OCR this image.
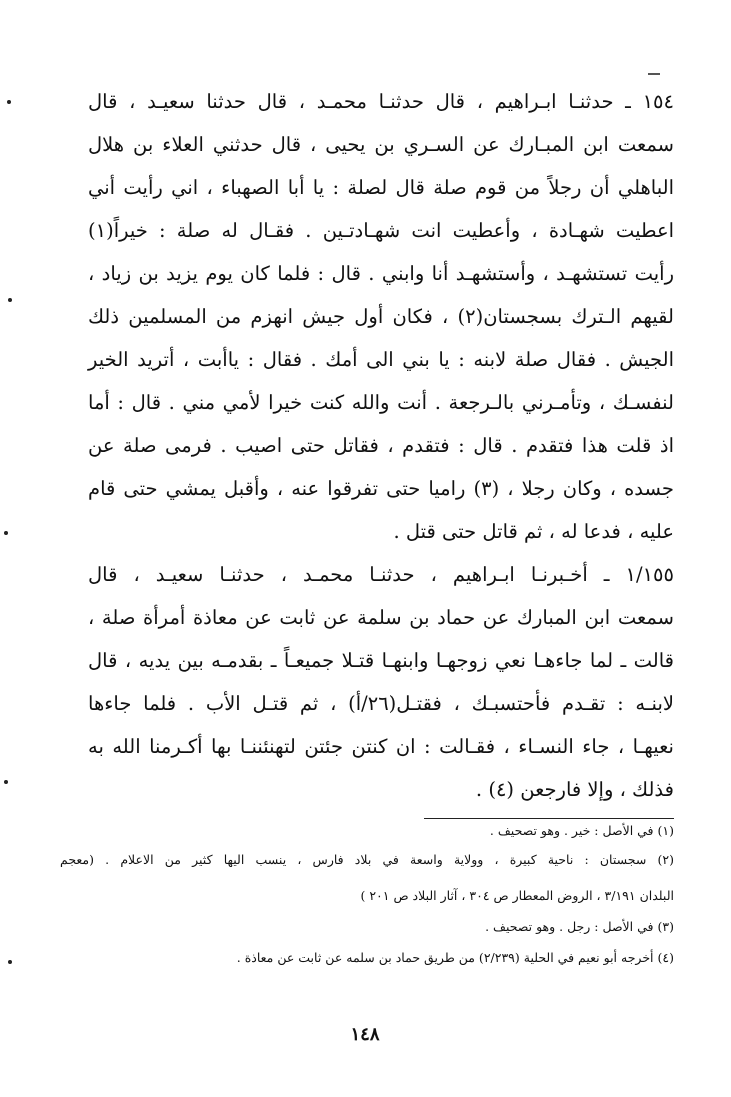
١٥٤ ـ حدثنـا ابـراهيم ، قال حدثنـا محمـد ، قال حدثنا سعيـد ، قال
سمعت ابن المبـارك عن السـري بن يحيى ، قال حدثني العلاء بن هلال
الباهلي أن رجلاً من قوم صلة قال لصلة : يا أبا الصهباء ، اني رأيت أني
اعطيت شهـادة ، وأعطيت انت شهـادتـين . فقـال له صلة : خيراً(١)
رأيت تستشهـد ، وأستشهـد أنا وابني . قال : فلما كان يوم يزيد بن زياد ،
لقيهم الـترك بسجستان(٢) ، فكان أول جيش انهزم من المسلمين ذلك
الجيش . فقال صلة لابنه : يا بني الى أمك . فقال : ياأبت ، أتريد الخير
لنفسـك ، وتأمـرني بالـرجعة . أنت والله كنت خيرا لأمي مني . قال : أما
اذ قلت هذا فتقدم . قال : فتقدم ، فقاتل حتى اصيب . فرمى صلة عن
جسده ، وكان رجلا ، (٣) راميا حتى تفرقوا عنه ، وأقبل يمشي حتى قام
عليه ، فدعا له ، ثم قاتل حتى قتل .
١/١٥٥ ـ أخـبرنـا ابـراهيم ، حدثنـا محمـد ، حدثنـا سعيـد ، قال
سمعت ابن المبارك عن حماد بن سلمة عن ثابت عن معاذة أمرأة صلة ،
قالت ـ لما جاءهـا نعي زوجهـا وابنهـا قتـلا جميعـاً ـ بقدمـه بين يديه ، قال
لابنـه : تقـدم فأحتسبـك ، فقتـل(٢٦/أ) ، ثم قتـل الأب . فلما جاءها
نعيهـا ، جاء النسـاء ، فقـالت : ان كنتن جئتن لتهنئننـا بها أكـرمنا الله به
فذلك ، وإلا فارجعن (٤) .
(١) في الأصل : خير . وهو تصحيف .
(٢) سجستان : ناحية كبيرة ، وولاية واسعة في بلاد فارس ، ينسب اليها كثير من الاعلام . (معجم
البلدان ٣/١٩١ ، الروض المعطار ص ٣٠٤ ، آثار البلاد ص ٢٠١ )
(٣) في الأصل : رجل . وهو تصحيف .
(٤) أخرجه أبو نعيم في الحلية (٢/٢٣٩) من طريق حماد بن سلمه عن ثابت عن معاذة .
١٤٨
